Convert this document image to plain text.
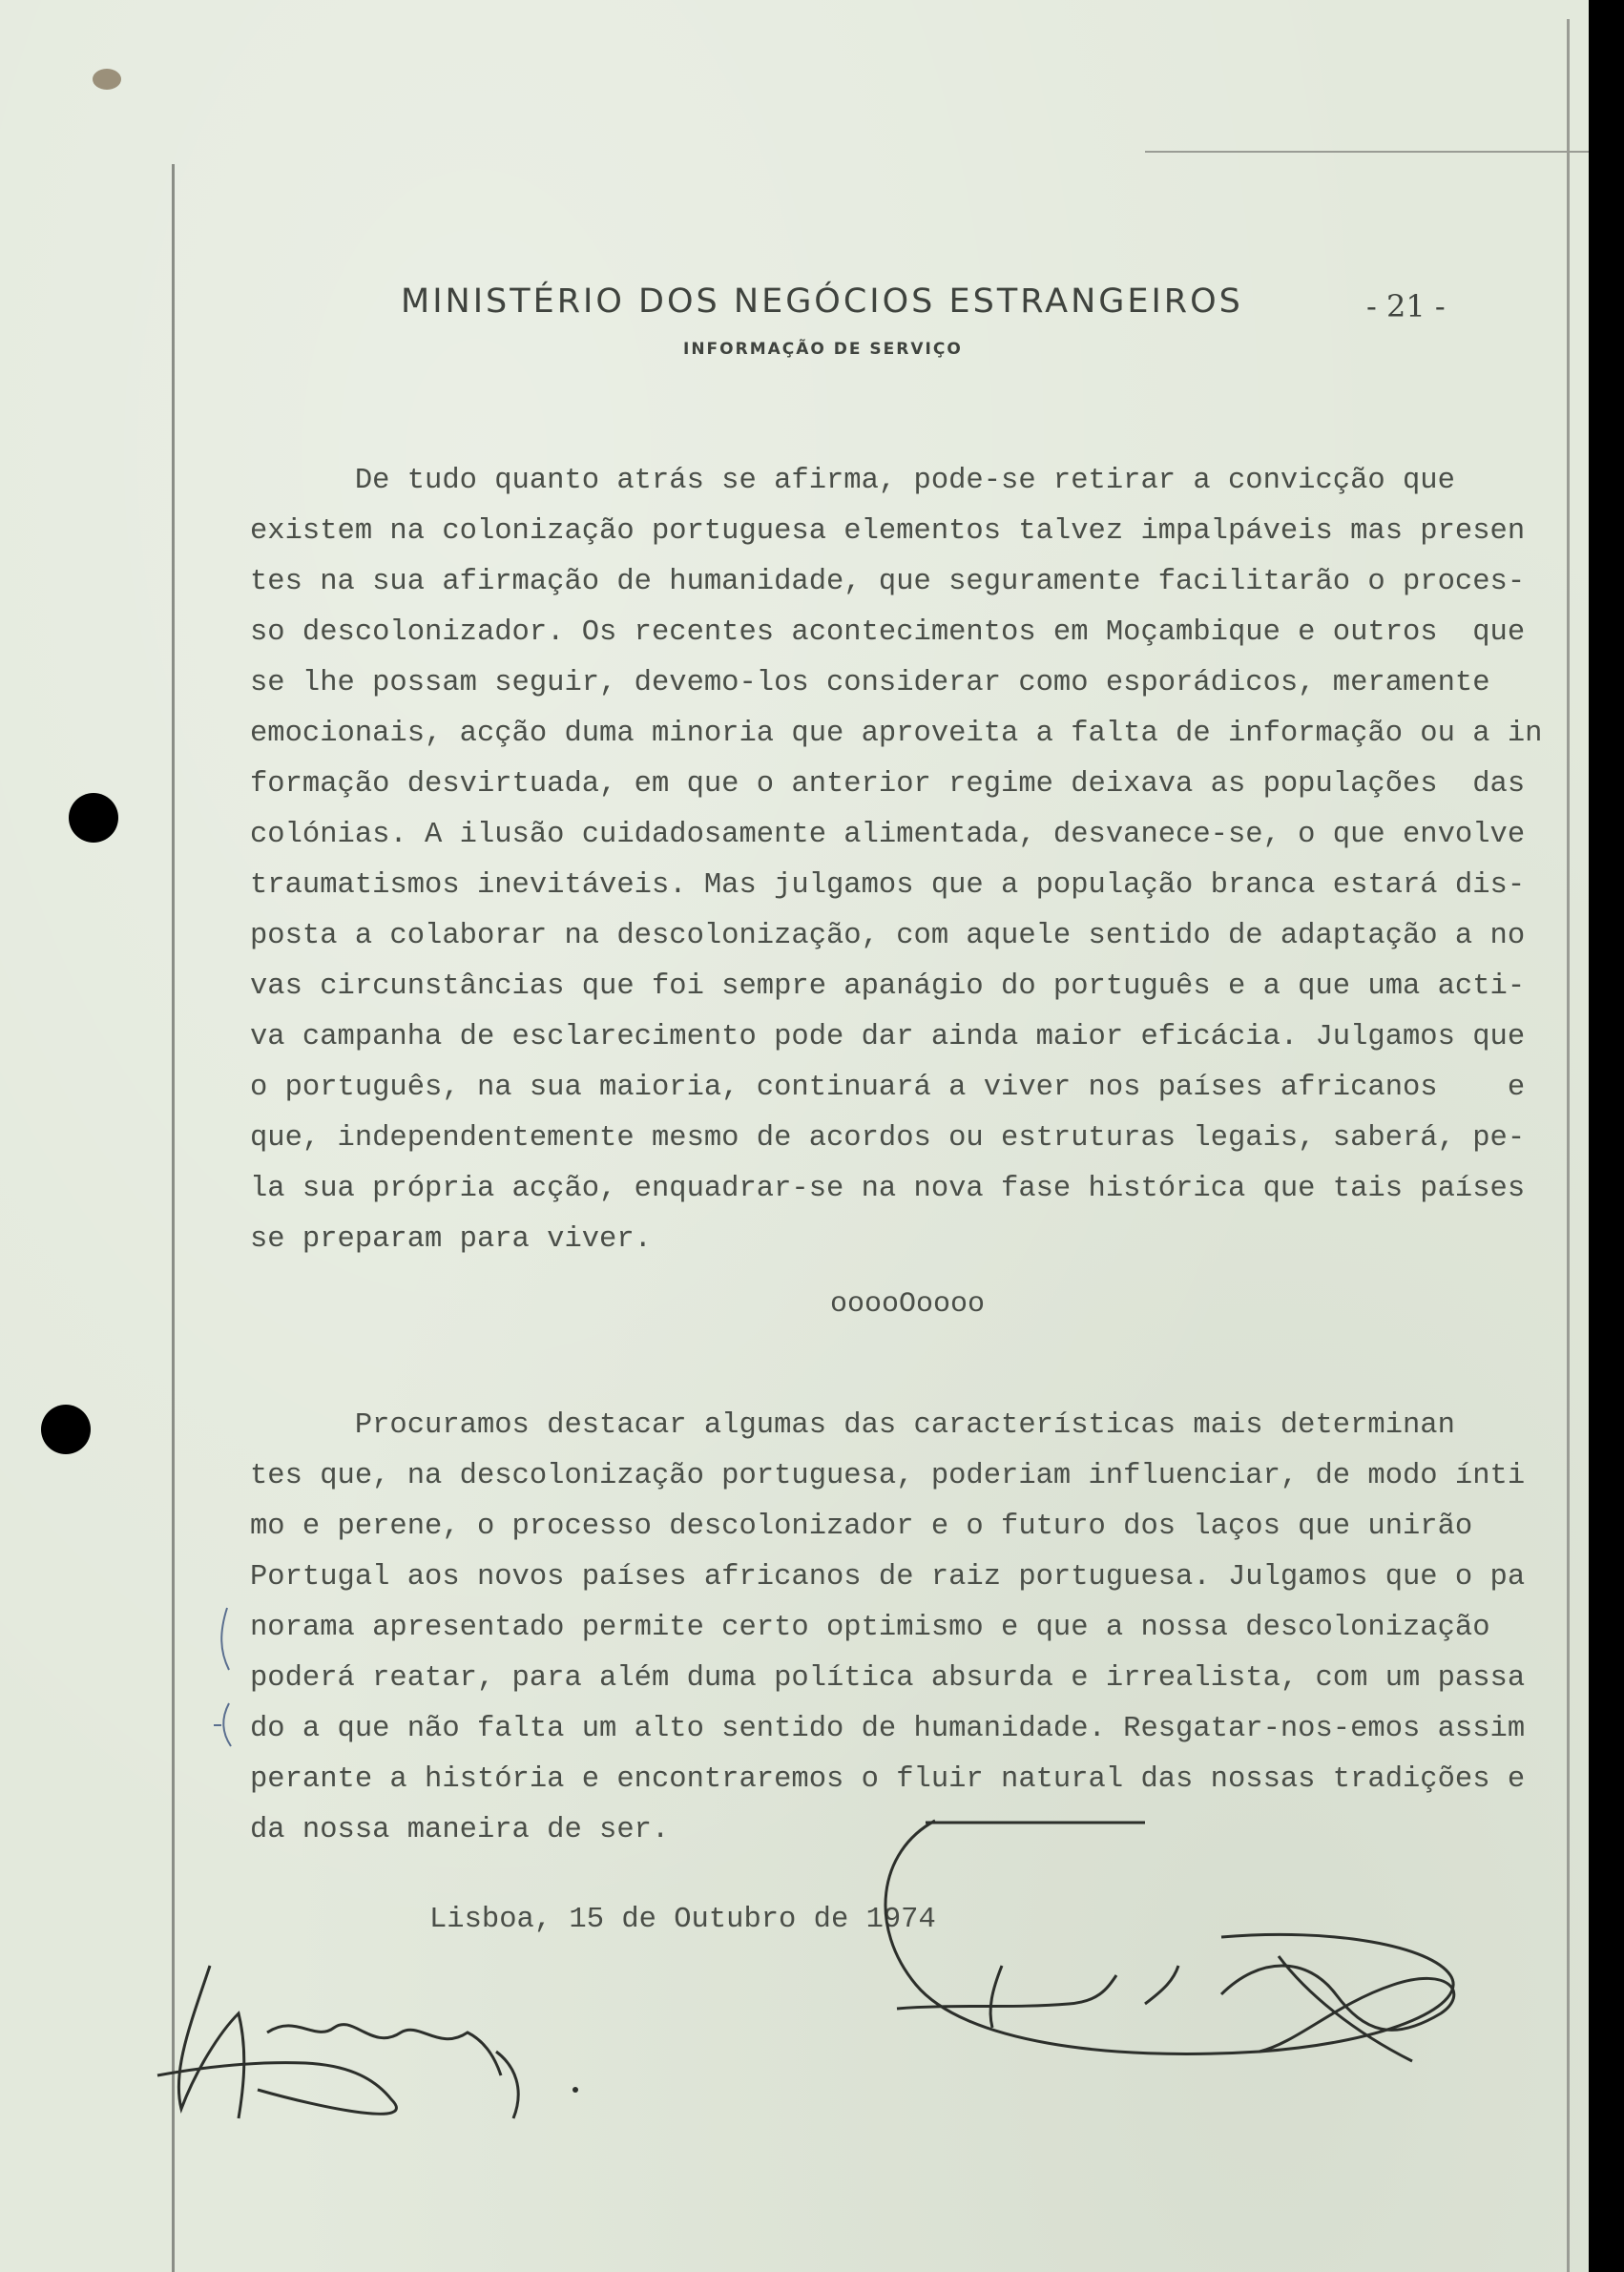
MINISTÉRIO DOS NEGÓCIOS ESTRANGEIROS
INFORMAÇÃO DE SERVIÇO
- 21 -
De tudo quanto atrás se afirma, pode-se retirar a convicção que
existem na colonização portuguesa elementos talvez impalpáveis mas presen
tes na sua afirmação de humanidade, que seguramente facilitarão o proces-
so descolonizador. Os recentes acontecimentos em Moçambique e outros  que
se lhe possam seguir, devemo-los considerar como esporádicos, meramente
emocionais, acção duma minoria que aproveita a falta de informação ou a in
formação desvirtuada, em que o anterior regime deixava as populações  das
colónias. A ilusão cuidadosamente alimentada, desvanece-se, o que envolve
traumatismos inevitáveis. Mas julgamos que a população branca estará dis-
posta a colaborar na descolonização, com aquele sentido de adaptação a no
vas circunstâncias que foi sempre apanágio do português e a que uma acti-
va campanha de esclarecimento pode dar ainda maior eficácia. Julgamos que
o português, na sua maioria, continuará a viver nos países africanos    e
que, independentemente mesmo de acordos ou estruturas legais, saberá, pe-
la sua própria acção, enquadrar-se na nova fase histórica que tais países
se preparam para viver.
ooooOoooo
Procuramos destacar algumas das características mais determinan
tes que, na descolonização portuguesa, poderiam influenciar, de modo ínti
mo e perene, o processo descolonizador e o futuro dos laços que unirão
Portugal aos novos países africanos de raiz portuguesa. Julgamos que o pa
norama apresentado permite certo optimismo e que a nossa descolonização
poderá reatar, para além duma política absurda e irrealista, com um passa
do a que não falta um alto sentido de humanidade. Resgatar-nos-emos assim
perante a história e encontraremos o fluir natural das nossas tradições e
da nossa maneira de ser.
Lisboa, 15 de Outubro de 1974
